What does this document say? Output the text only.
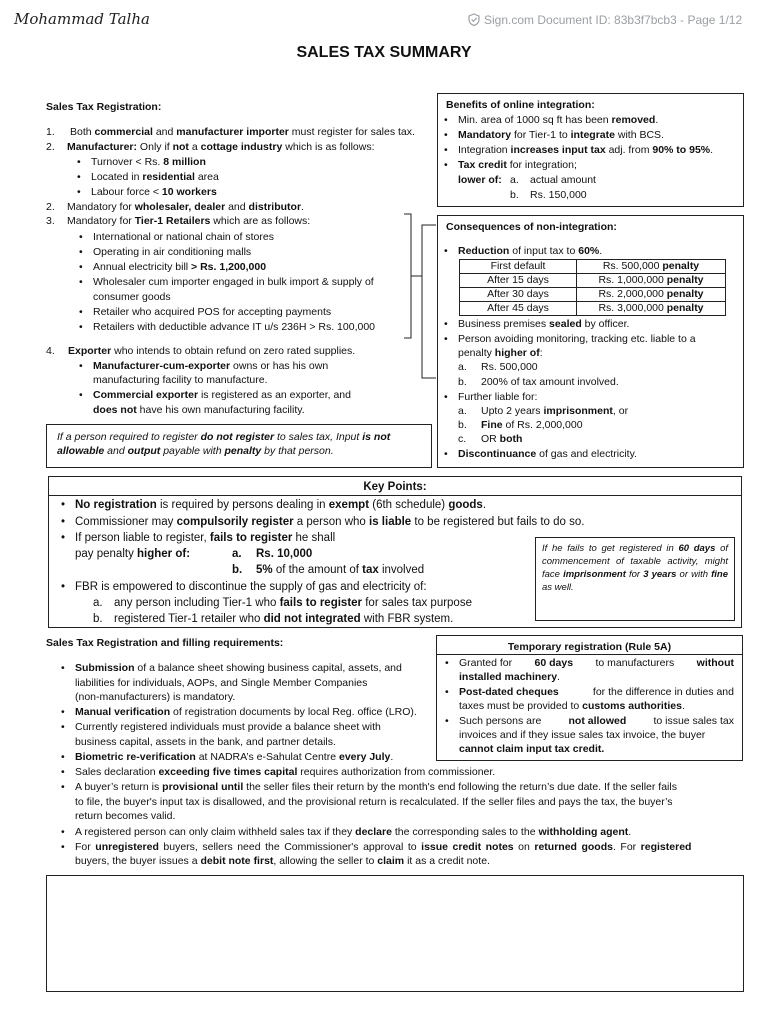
Mohammad Talha	Sign.com Document ID: 83b3f7bcb3 - Page 1/12
SALES TAX SUMMARY
Sales Tax Registration:
1. Both commercial and manufacturer importer must register for sales tax.
2. Manufacturer: Only if not a cottage industry which is as follows:
• Turnover < Rs. 8 million
• Located in residential area
• Labour force < 10 workers
2. Mandatory for wholesaler, dealer and distributor.
3. Mandatory for Tier-1 Retailers which are as follows:
• International or national chain of stores
• Operating in air conditioning malls
• Annual electricity bill > Rs. 1,200,000
• Wholesaler cum importer engaged in bulk import & supply of
consumer goods
• Retailer who acquired POS for accepting payments
• Retailers with deductible advance IT u/s 236H > Rs. 100,000
4. Exporter who intends to obtain refund on zero rated supplies.
• Manufacturer-cum-exporter owns or has his own
manufacturing facility to manufacture.
• Commercial exporter is registered as an exporter, and
does not have his own manufacturing facility.
If a person required to register do not register to sales tax, Input is not
allowable and output payable with penalty by that person.
Benefits of online integration:
• Min. area of 1000 sq ft has been removed.
• Mandatory for Tier-1 to integrate with BCS.
• Integration increases input tax adj. from 90% to 95%.
• Tax credit for integration;
lower of: a. actual amount
b. Rs. 150,000
Consequences of non-integration:
• Reduction of input tax to 60%.
First default	Rs. 500,000 penalty
After 15 days	Rs. 1,000,000 penalty
After 30 days	Rs. 2,000,000 penalty
After 45 days	Rs. 3,000,000 penalty
• Business premises sealed by officer.
• Person avoiding monitoring, tracking etc. liable to a
penalty higher of:
a. Rs. 500,000
b. 200% of tax amount involved.
• Further liable for:
a. Upto 2 years imprisonment, or
b. Fine of Rs. 2,000,000
c. OR both
• Discontinuance of gas and electricity.
Key Points:
• No registration is required by persons dealing in exempt (6th schedule) goods.
• Commissioner may compulsorily register a person who is liable to be registered but fails to do so.
• If person liable to register, fails to register he shall
pay penalty higher of:	a. Rs. 10,000
b. 5% of the amount of tax involved
• FBR is empowered to discontinue the supply of gas and electricity of:
a. any person including Tier-1 who fails to register for sales tax purpose
b. registered Tier-1 retailer who did not integrated with FBR system.
If he fails to get registered in 60 days of commencement of taxable activity, might face imprisonment for 3 years or with fine as well.
Sales Tax Registration and filling requirements:
• Submission of a balance sheet showing business capital, assets, and
liabilities for individuals, AOPs, and Single Member Companies
(non-manufacturers) is mandatory.
• Manual verification of registration documents by local Reg. office (LRO).
• Currently registered individuals must provide a balance sheet with
business capital, assets in the bank, and partner details.
• Biometric re-verification at NADRA’s e-Sahulat Centre every July.
• Sales declaration exceeding five times capital requires authorization from commissioner.
• A buyer’s return is provisional until the seller files their return by the month's end following the return’s due date. If the seller fails
to file, the buyer's input tax is disallowed, and the provisional return is recalculated. If the seller files and pays the tax, the buyer’s
return becomes valid.
• A registered person can only claim withheld sales tax if they declare the corresponding sales to the withholding agent.
• For unregistered buyers, sellers need the Commissioner's approval to issue credit notes on returned goods. For registered
buyers, the buyer issues a debit note first, allowing the seller to claim it as a credit note.
Temporary registration (Rule 5A)
• Granted for 60 days to manufacturers without
installed machinery.
• Post-dated cheques	for the difference in duties and
taxes must be provided to customs authorities.
• Such persons are	not allowed	to issue sales tax
invoices and if they issue sales tax invoice, the buyer
cannot claim input tax credit.
